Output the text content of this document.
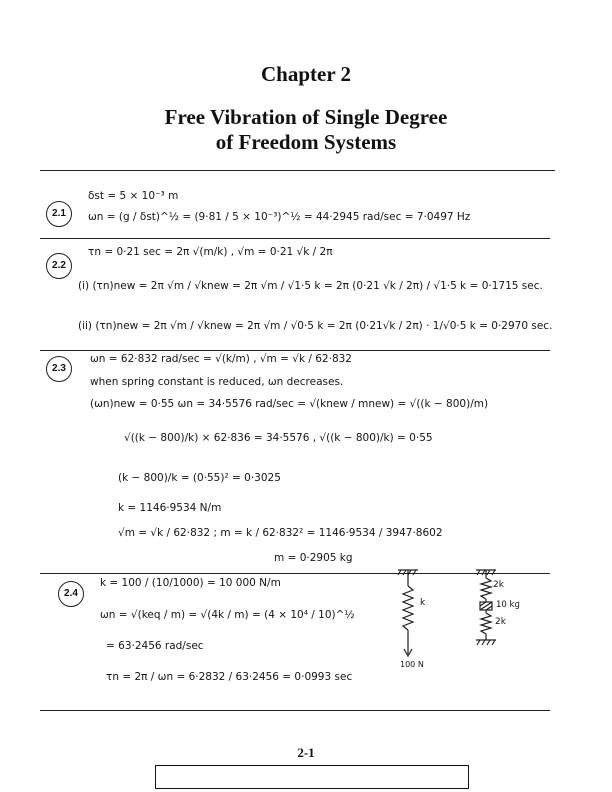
Chapter 2
Free Vibration of Single Degree
of Freedom Systems
2.1
δst = 5 × 10⁻³ m
ωn = (g / δst)^½ = (9·81 / 5 × 10⁻³)^½ = 44·2945 rad/sec = 7·0497 Hz
2.2
τn = 0·21 sec = 2π √(m/k) , √m = 0·21 √k / 2π
(i) (τn)new = 2π √m / √knew = 2π √m / √1·5 k = 2π (0·21 √k / 2π) / √1·5 k = 0·1715 sec.
(ii) (τn)new = 2π √m / √knew = 2π √m / √0·5 k = 2π (0·21√k / 2π) · 1/√0·5 k = 0·2970 sec.
2.3
ωn = 62·832 rad/sec = √(k/m) , √m = √k / 62·832
when spring constant is reduced, ωn decreases.
(ωn)new = 0·55 ωn = 34·5576 rad/sec = √(knew / mnew) = √((k − 800)/m)
√((k − 800)/k) × 62·836 = 34·5576 , √((k − 800)/k) = 0·55
(k − 800)/k = (0·55)² = 0·3025
k = 1146·9534 N/m
√m = √k / 62·832 ; m = k / 62·832² = 1146·9534 / 3947·8602
m = 0·2905 kg
2.4
k = 100 / (10/1000) = 10 000 N/m
ωn = √(keq / m) = √(4k / m) = (4 × 10⁴ / 10)^½
= 63·2456 rad/sec
τn = 2π / ωn = 6·2832 / 63·2456 = 0·0993 sec
k
100 N
2k
10 kg
2k
2-1
